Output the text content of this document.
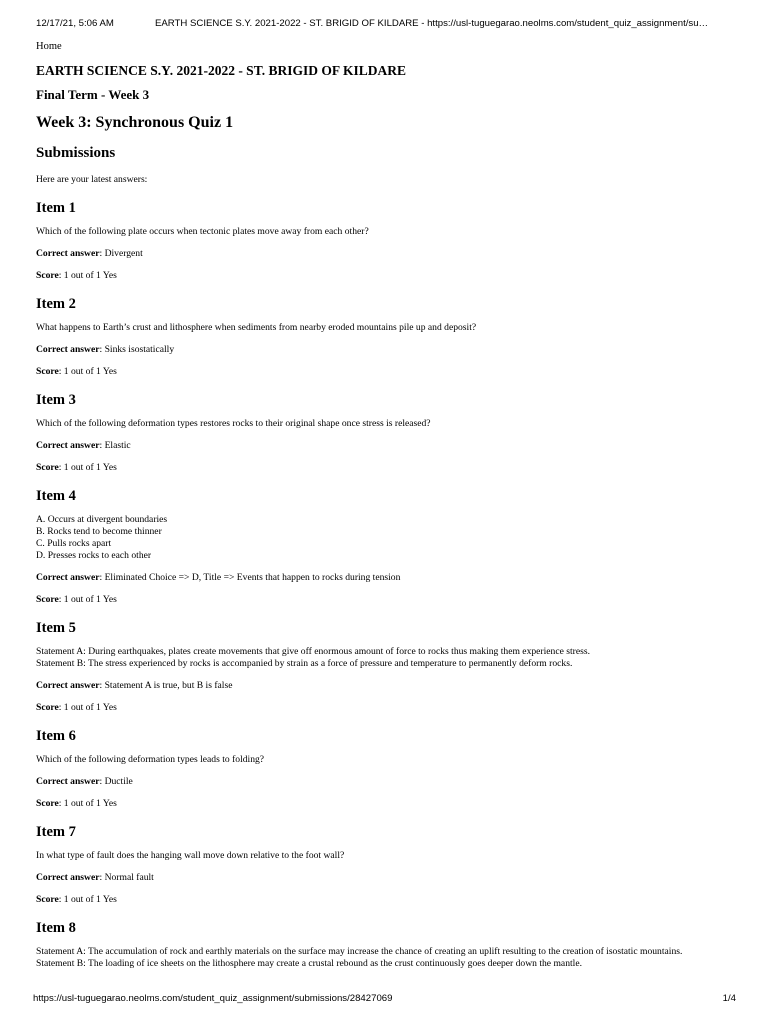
12/17/21, 5:06 AM	EARTH SCIENCE S.Y. 2021-2022 - ST. BRIGID OF KILDARE - https://usl-tuguegarao.neolms.com/student_quiz_assignment/su…
Home
EARTH SCIENCE S.Y. 2021-2022 - ST. BRIGID OF KILDARE
Final Term - Week 3
Week 3: Synchronous Quiz 1
Submissions
Here are your latest answers:
Item 1
Which of the following plate occurs when tectonic plates move away from each other?
Correct answer: Divergent
Score: 1 out of 1 Yes
Item 2
What happens to Earth’s crust and lithosphere when sediments from nearby eroded mountains pile up and deposit?
Correct answer: Sinks isostatically
Score: 1 out of 1 Yes
Item 3
Which of the following deformation types restores rocks to their original shape once stress is released?
Correct answer: Elastic
Score: 1 out of 1 Yes
Item 4
A. Occurs at divergent boundaries
B. Rocks tend to become thinner
C. Pulls rocks apart
D. Presses rocks to each other
Correct answer: Eliminated Choice => D, Title => Events that happen to rocks during tension
Score: 1 out of 1 Yes
Item 5
Statement A: During earthquakes, plates create movements that give off enormous amount of force to rocks thus making them experience stress.
Statement B: The stress experienced by rocks is accompanied by strain as a force of pressure and temperature to permanently deform rocks.
Correct answer: Statement A is true, but B is false
Score: 1 out of 1 Yes
Item 6
Which of the following deformation types leads to folding?
Correct answer: Ductile
Score: 1 out of 1 Yes
Item 7
In what type of fault does the hanging wall move down relative to the foot wall?
Correct answer: Normal fault
Score: 1 out of 1 Yes
Item 8
Statement A: The accumulation of rock and earthly materials on the surface may increase the chance of creating an uplift resulting to the creation of isostatic mountains.
Statement B: The loading of ice sheets on the lithosphere may create a crustal rebound as the crust continuously goes deeper down the mantle.
https://usl-tuguegarao.neolms.com/student_quiz_assignment/submissions/28427069	1/4
